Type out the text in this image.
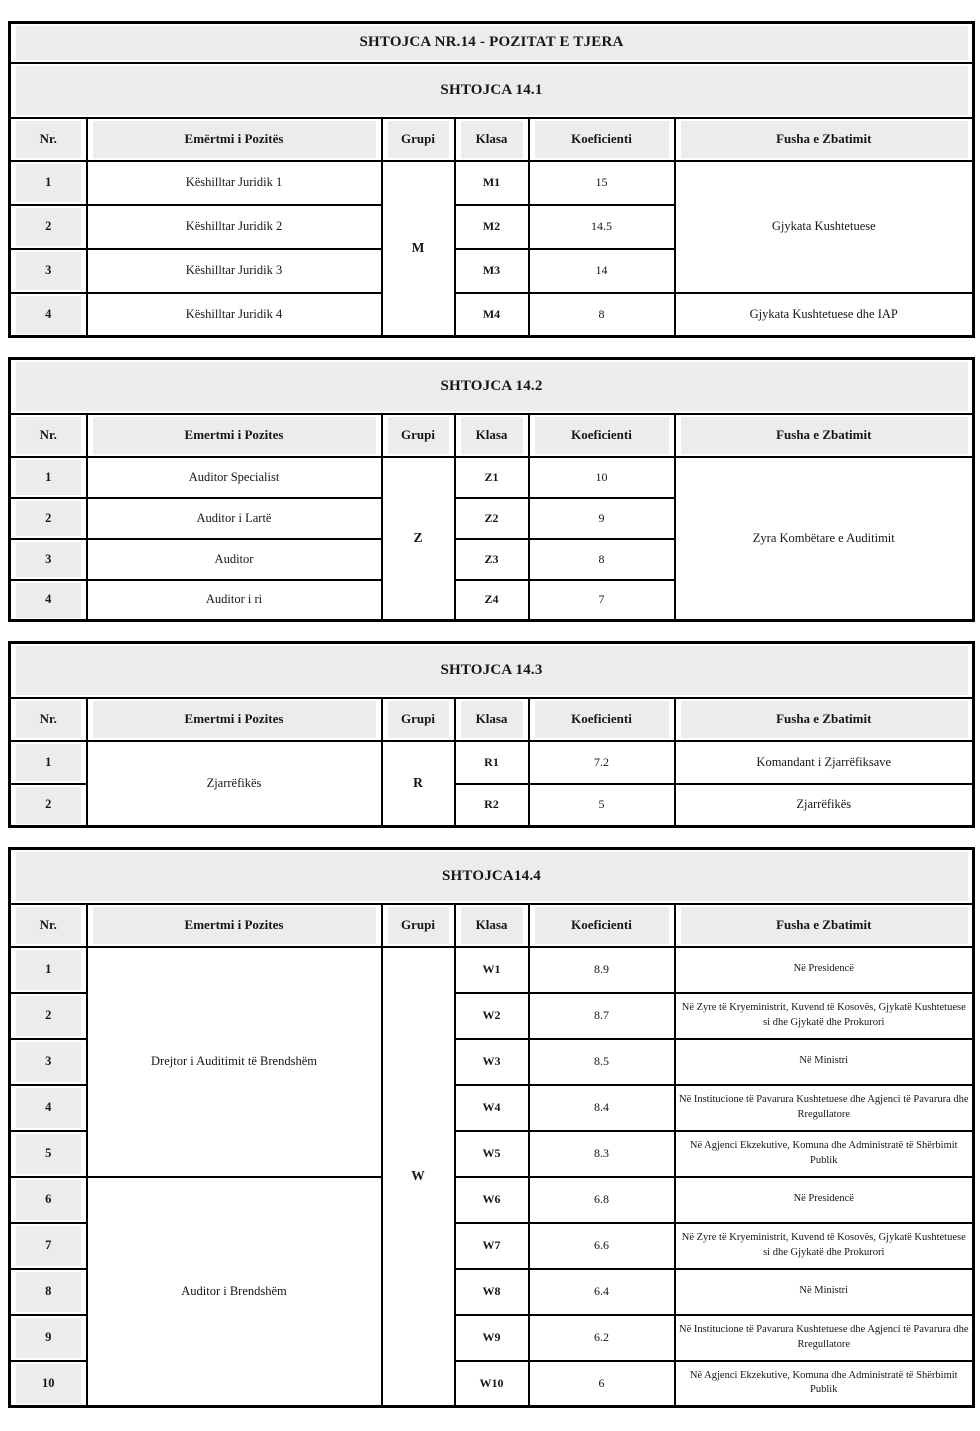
SHTOJCA NR.14 - POZITAT E TJERA					
SHTOJCA 14.1					
Nr.	Emërtmi i Pozitës	Grupi	Klasa	Koeficienti	Fusha e Zbatimit
1	Këshilltar Juridik 1	M	M1	15	Gjykata Kushtetuese
2	Këshilltar Juridik 2		M2	14.5	
3	Këshilltar Juridik 3		M3	14	
4	Këshilltar Juridik 4		M4	8	Gjykata Kushtetuese dhe IAP
SHTOJCA 14.2					
Nr.	Emertmi i Pozites	Grupi	Klasa	Koeficienti	Fusha e Zbatimit
1	Auditor Specialist	Z	Z1	10	Zyra Kombëtare e Auditimit
2	Auditor i Lartë		Z2	9	
3	Auditor		Z3	8	
4	Auditor i ri		Z4	7	
SHTOJCA 14.3					
Nr.	Emertmi i Pozites	Grupi	Klasa	Koeficienti	Fusha e Zbatimit
1	Zjarrëfikës	R	R1	7.2	Komandant i Zjarrëfiksave
2			R2	5	Zjarrëfikës
SHTOJCA14.4					
Nr.	Emertmi i Pozites	Grupi	Klasa	Koeficienti	Fusha e Zbatimit
1	Drejtor i Auditimit të Brendshëm	W	W1	8.9	Në Presidencë
2			W2	8.7	Në Zyre të Kryeministrit, Kuvend të Kosovës, Gjykatë Kushtetuese si dhe Gjykatë dhe Prokurori
3			W3	8.5	Në Ministri
4			W4	8.4	Në Institucione të Pavarura Kushtetuese dhe Agjenci të Pavarura dhe Rregullatore
5			W5	8.3	Në Agjenci Ekzekutive, Komuna dhe Administratë të Shërbimit Publik
6	Auditor i Brendshëm		W6	6.8	Në Presidencë
7			W7	6.6	Në Zyre të Kryeministrit, Kuvend të Kosovës, Gjykatë Kushtetuese si dhe Gjykatë dhe Prokurori
8			W8	6.4	Në Ministri
9			W9	6.2	Në Institucione të Pavarura Kushtetuese dhe Agjenci të Pavarura dhe Rregullatore
10			W10	6	Në Agjenci Ekzekutive, Komuna dhe Administratë të Shërbimit Publik
